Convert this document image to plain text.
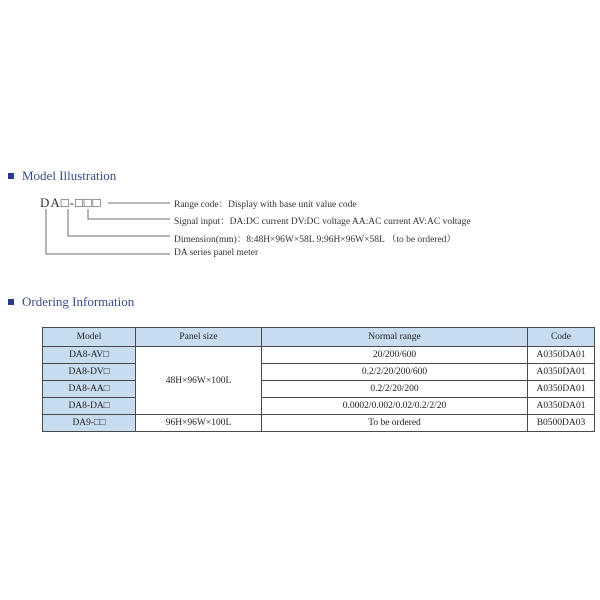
Model Illustration
DA□-□□□	Range code：Display with base unit value code
Signal input：DA:DC current DV:DC voltage AA:AC current AV:AC voltage
Dimension(mm)：8:48H×96W×58L 9:96H×96W×58L （to be ordered）
DA series panel meter
Ordering Information
Model	Panel size	Normal range	Code
DA8-AV□	48H×96W×100L	20/200/600	A0350DA01
DA8-DV□		0.2/2/20/200/600	A0350DA01
DA8-AA□		0.2/2/20/200	A0350DA01
DA8-DA□		0.0002/0.002/0.02/0.2/2/20	A0350DA01
DA9-□□	96H×96W×100L	To be ordered	B0500DA03
